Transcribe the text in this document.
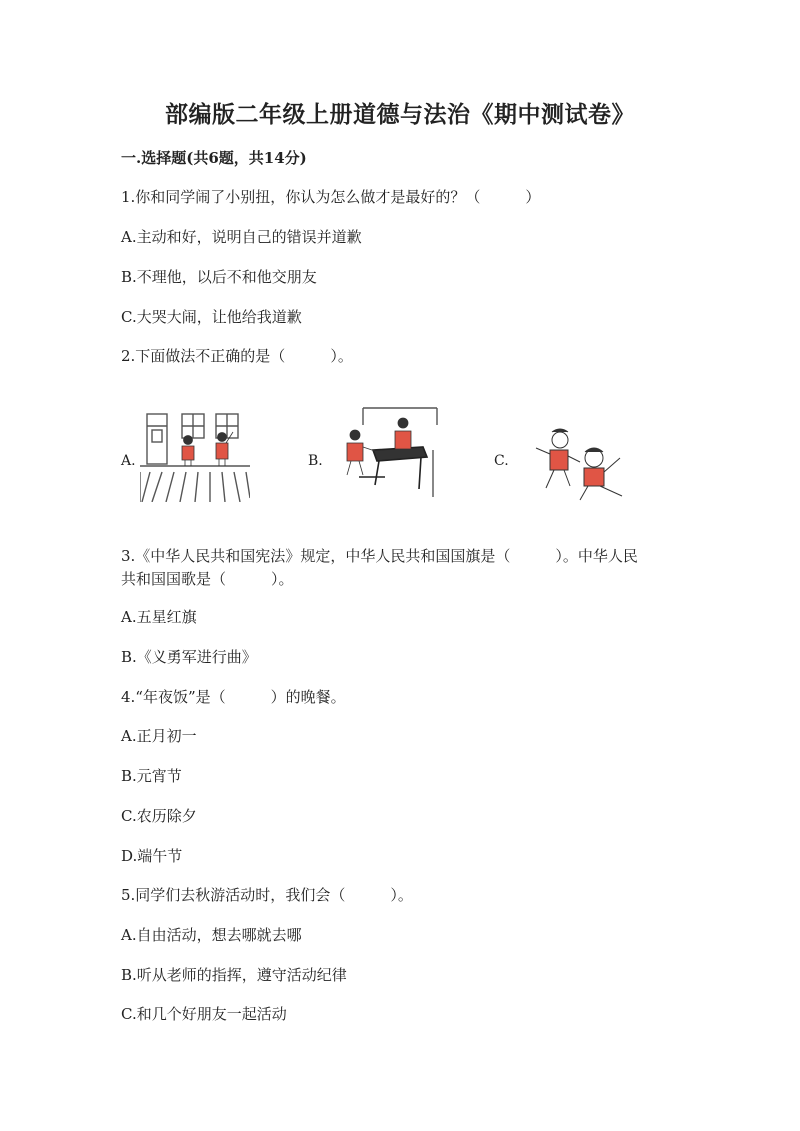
部编版二年级上册道德与法治《期中测试卷》
一.选择题(共6题，共14分)
1.你和同学闹了小别扭，你认为怎么做才是最好的？（　　　）
A.主动和好，说明自己的错误并道歉
B.不理他，以后不和他交朋友
C.大哭大闹，让他给我道歉
2.下面做法不正确的是（　　　）。
A.	B.	C.
3.《中华人民共和国宪法》规定，中华人民共和国国旗是（　　　）。中华人民
共和国国歌是（　　　）。
A.五星红旗
B.《义勇军进行曲》
4.“年夜饭”是（　　　）的晚餐。
A.正月初一
B.元宵节
C.农历除夕
D.端午节
5.同学们去秋游活动时，我们会（　　　）。
A.自由活动，想去哪就去哪
B.听从老师的指挥，遵守活动纪律
C.和几个好朋友一起活动
